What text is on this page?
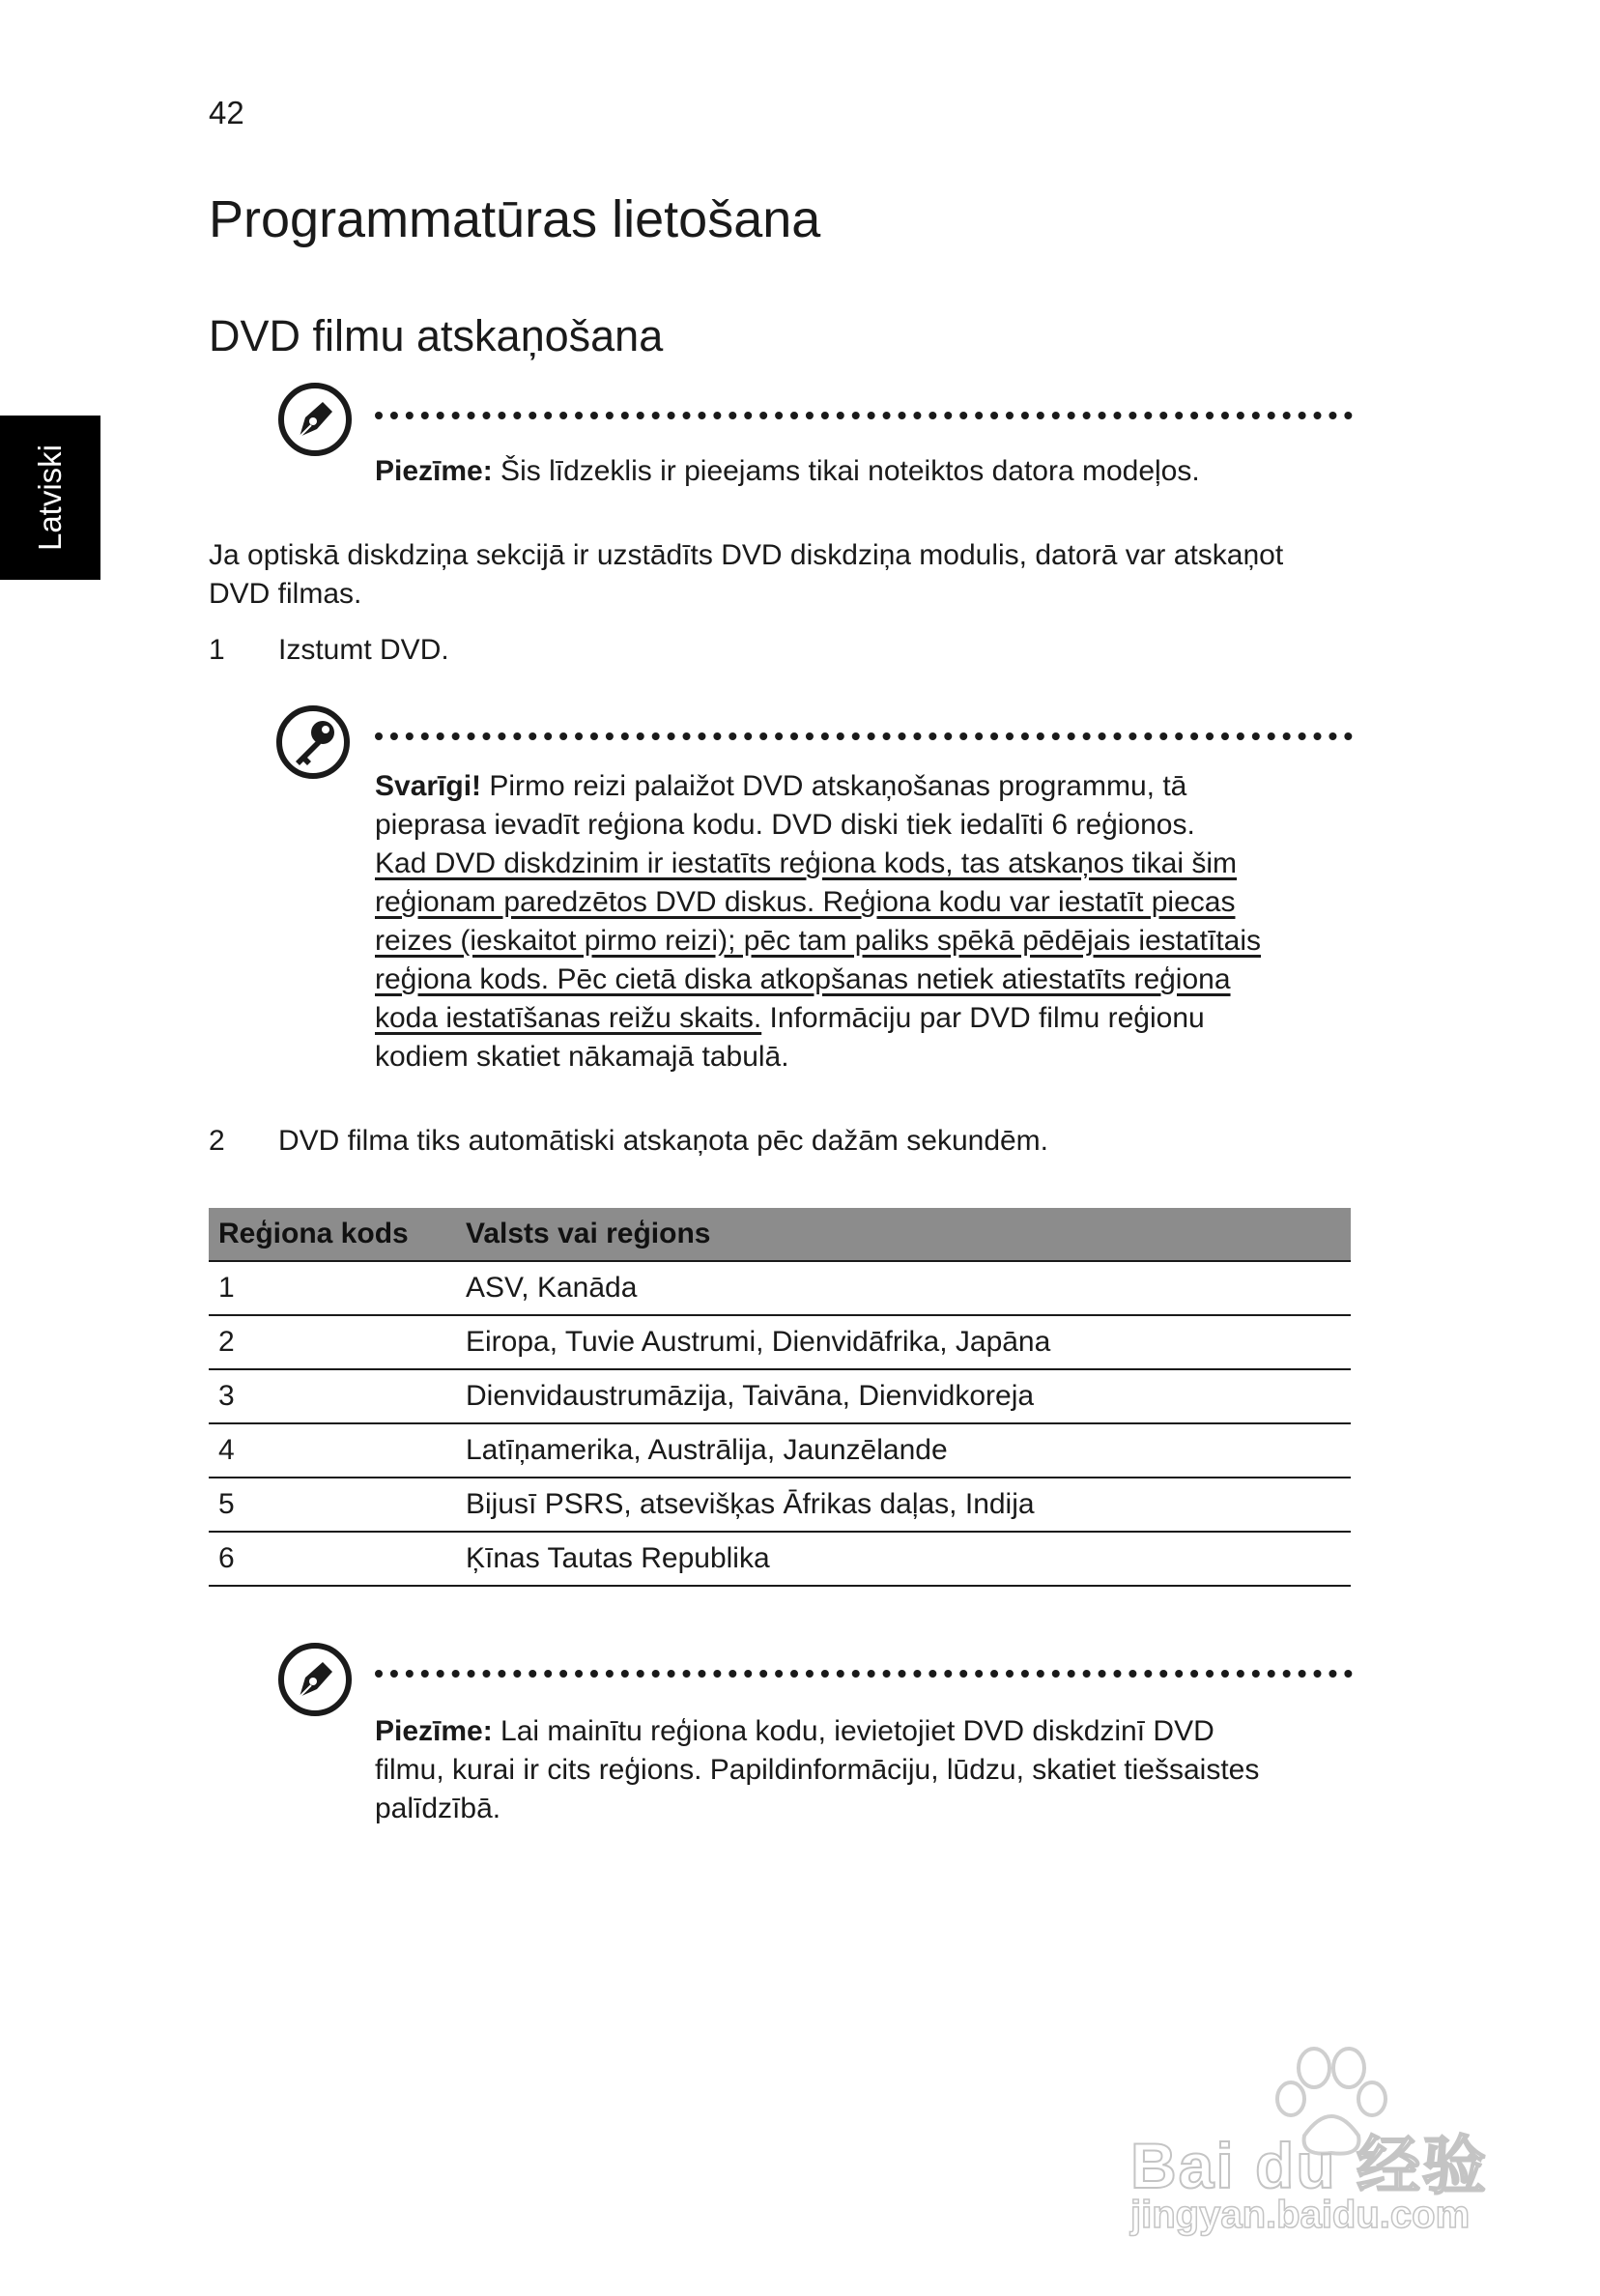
42
Latviski
Programmatūras lietošana
DVD filmu atskaņošana
Piezīme: Šis līdzeklis ir pieejams tikai noteiktos datora modeļos.
Ja optiskā diskdziņa sekcijā ir uzstādīts DVD diskdziņa modulis, datorā var atskaņot
DVD filmas.
1 Izstumt DVD.
Svarīgi! Pirmo reizi palaižot DVD atskaņošanas programmu, tā
pieprasa ievadīt reģiona kodu. DVD diski tiek iedalīti 6 reģionos.
Kad DVD diskdzinim ir iestatīts reģiona kods, tas atskaņos tikai šim
reģionam paredzētos DVD diskus. Reģiona kodu var iestatīt piecas
reizes (ieskaitot pirmo reizi); pēc tam paliks spēkā pēdējais iestatītais
reģiona kods. Pēc cietā diska atkopšanas netiek atiestatīts reģiona
koda iestatīšanas reižu skaits. Informāciju par DVD filmu reģionu
kodiem skatiet nākamajā tabulā.
2 DVD filma tiks automātiski atskaņota pēc dažām sekundēm.
Reģiona kods	Valsts vai reģions
1	ASV, Kanāda
2	Eiropa, Tuvie Austrumi, Dienvidāfrika, Japāna
3	Dienvidaustrumāzija, Taivāna, Dienvidkoreja
4	Latīņamerika, Austrālija, Jaunzēlande
5	Bijusī PSRS, atsevišķas Āfrikas daļas, Indija
6	Ķīnas Tautas Republika
Piezīme: Lai mainītu reģiona kodu, ievietojiet DVD diskdzinī DVD
filmu, kurai ir cits reģions. Papildinformāciju, lūdzu, skatiet tiešsaistes
palīdzībā.
Bai du 经验
jingyan.baidu.com
